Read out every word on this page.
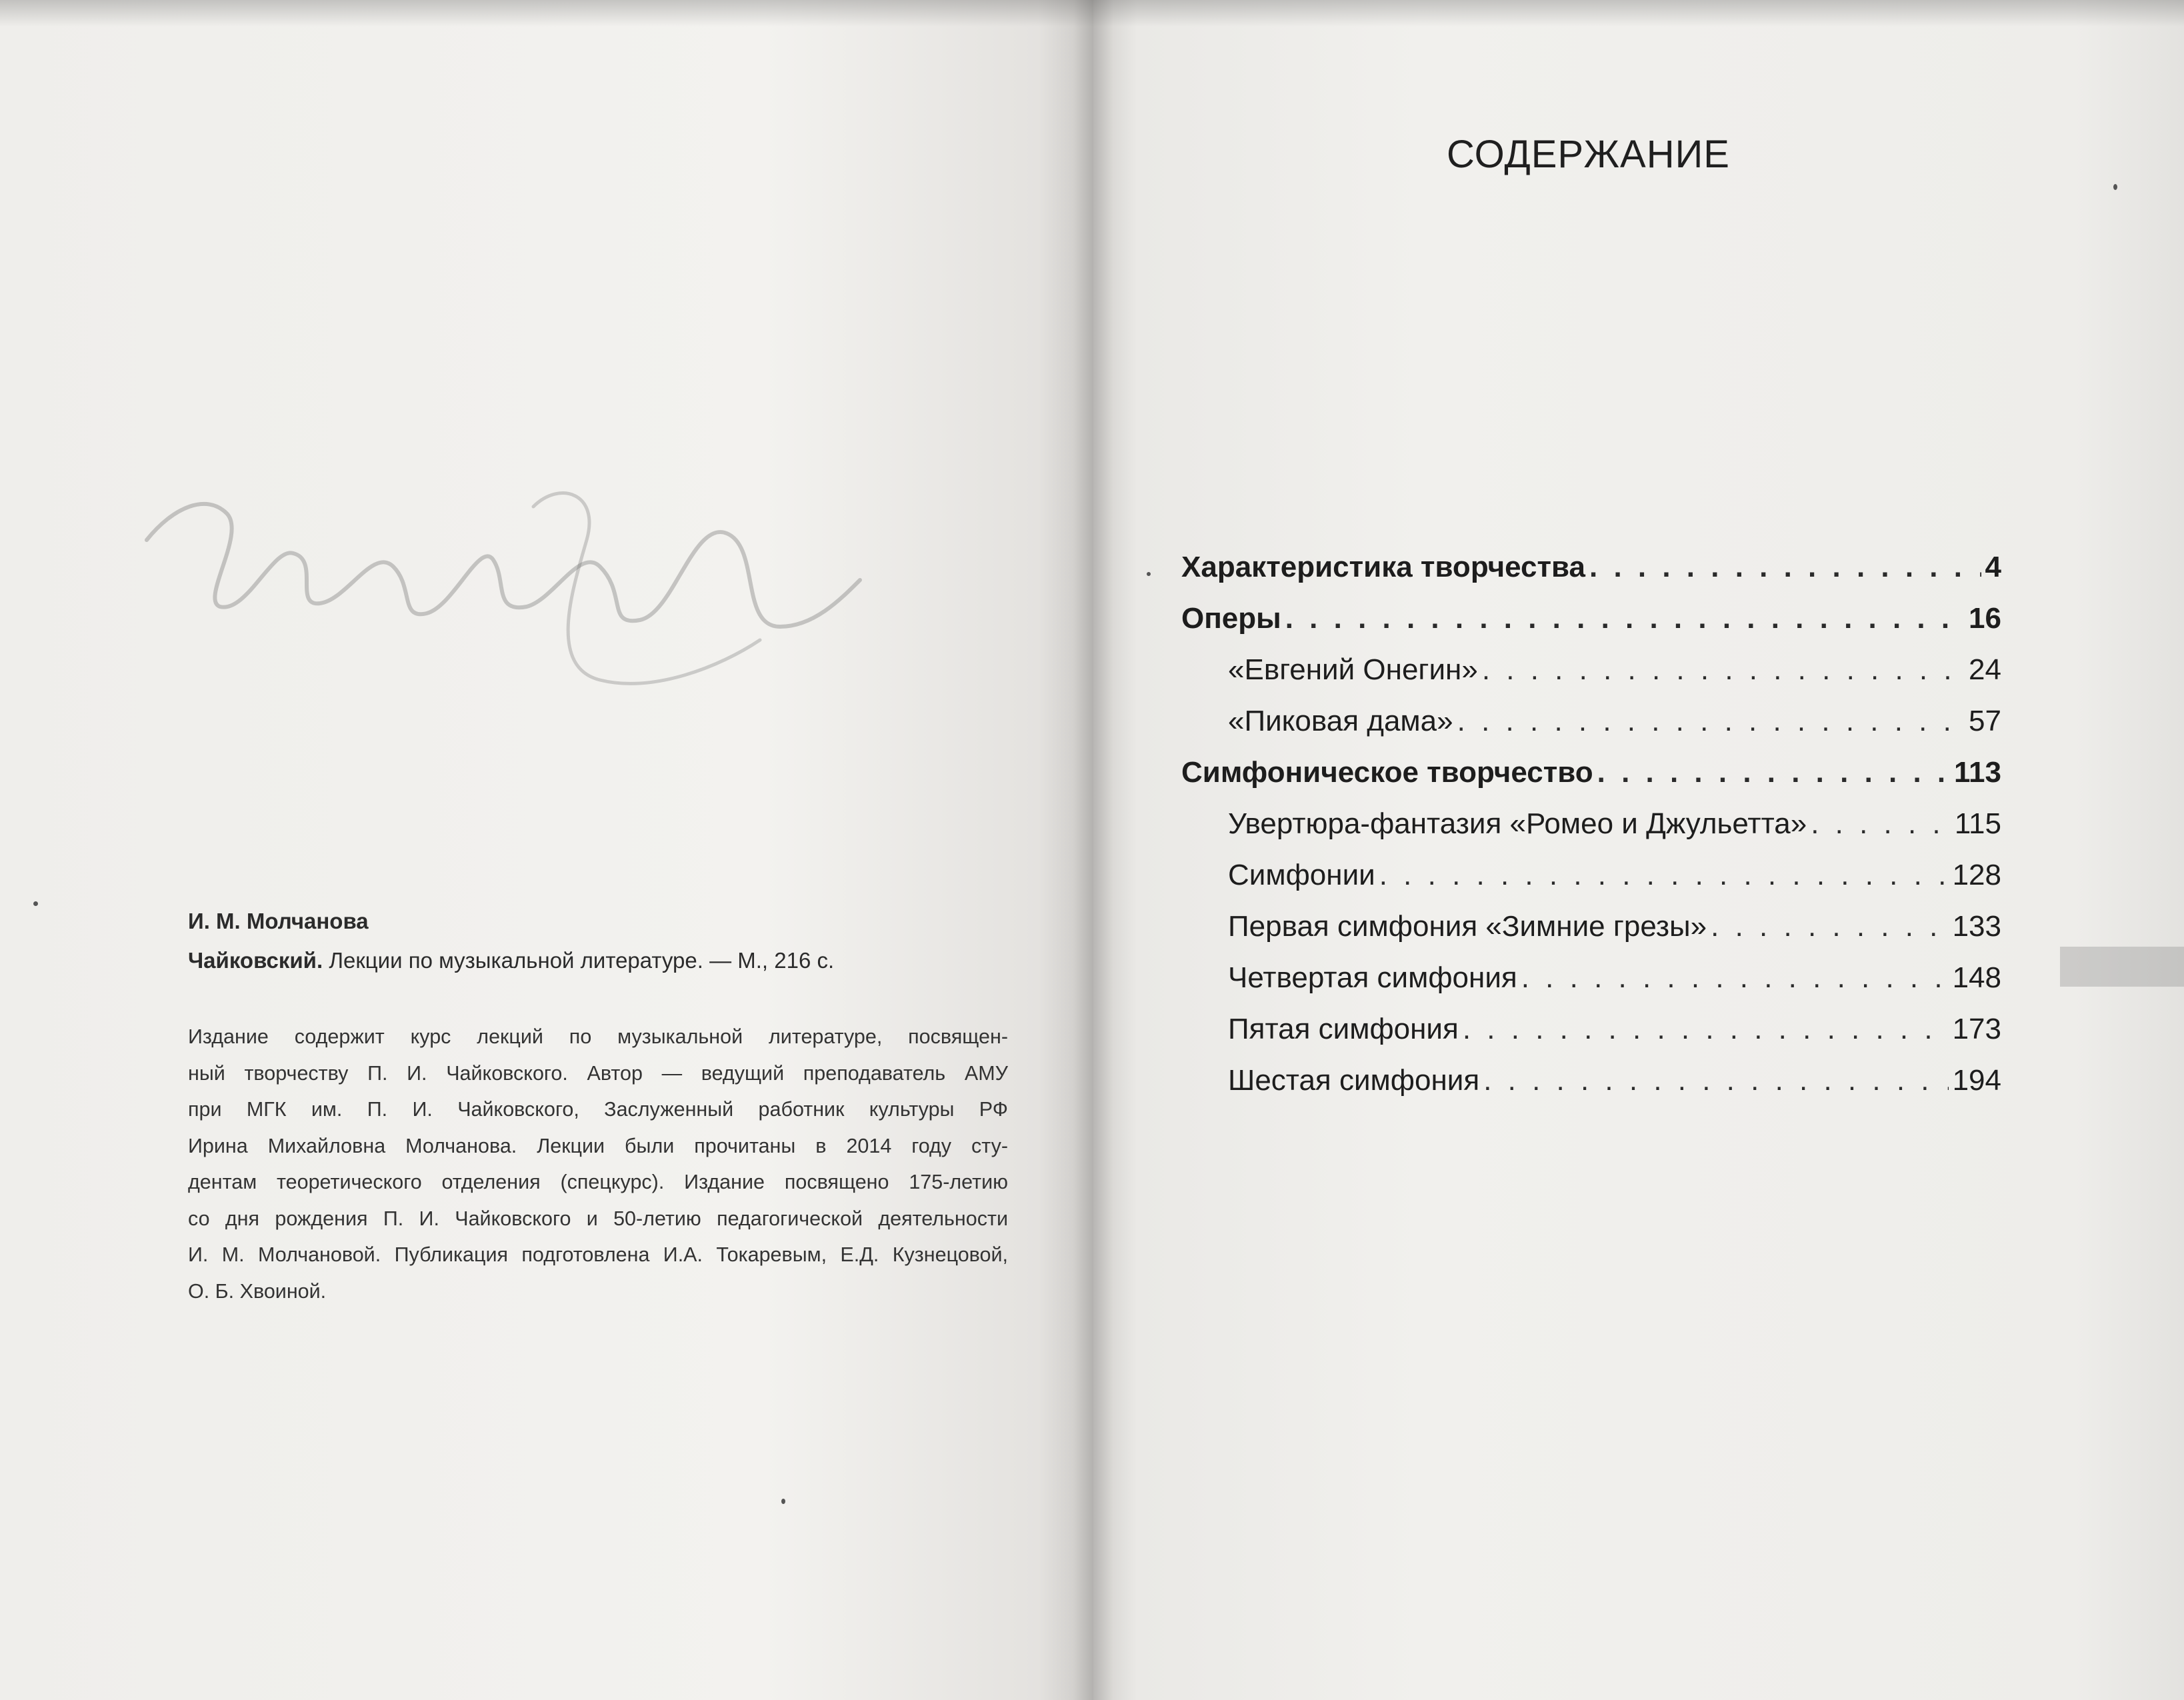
И. М. Молчанова
Чайковский. Лекции по музыкальной литературе. — М., 216 с.
Издание содержит курс лекций по музыкальной литературе, посвящен-
ный творчеству П. И. Чайковского. Автор — ведущий преподаватель АМУ
при МГК им. П. И. Чайковского, Заслуженный работник культуры РФ
Ирина Михайловна Молчанова. Лекции были прочитаны в 2014 году сту-
дентам теоретического отделения (спецкурс). Издание посвящено 175-летию
со дня рождения П. И. Чайковского и 50-летию педагогической деятельности
И. М. Молчановой. Публикация подготовлена И.А. Токаревым, Е.Д. Кузнецовой,
О. Б. Хвоиной.
СОДЕРЖАНИЕ
Характеристика творчества . . .	4
Оперы . . .	16
«Евгений Онегин» . . .	24
«Пиковая дама» . . .	57
Симфоническое творчество . . .	113
Увертюра-фантазия «Ромео и Джульетта» . . .	115
Симфонии . . .	128
Первая симфония «Зимние грезы» . . .	133
Четвертая симфония . . .	148
Пятая симфония . . .	173
Шестая симфония . . .	194
